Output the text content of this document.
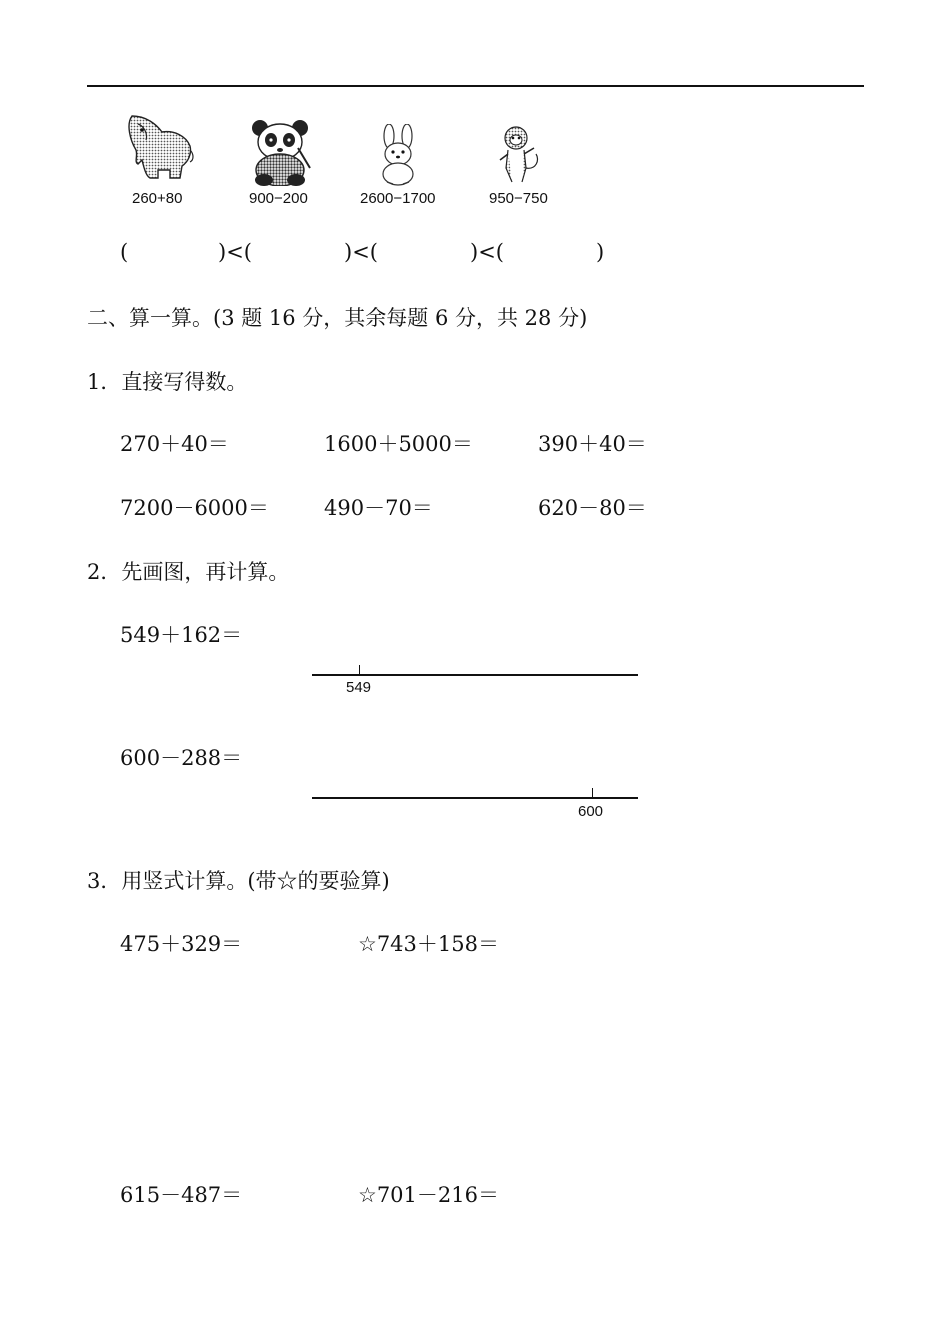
260+80	900−200	2600−1700	950−750
(	)<(	)<(	)<(	)
二、算一算。(3 题 16 分，其余每题 6 分，共 28 分)
1．直接写得数。
270＋40＝	1600＋5000＝	390＋40＝
7200－6000＝	490－70＝	620－80＝
2．先画图，再计算。
549＋162＝
549
600－288＝
600
3．用竖式计算。(带☆的要验算)
475＋329＝	☆743＋158＝
615－487＝	☆701－216＝
